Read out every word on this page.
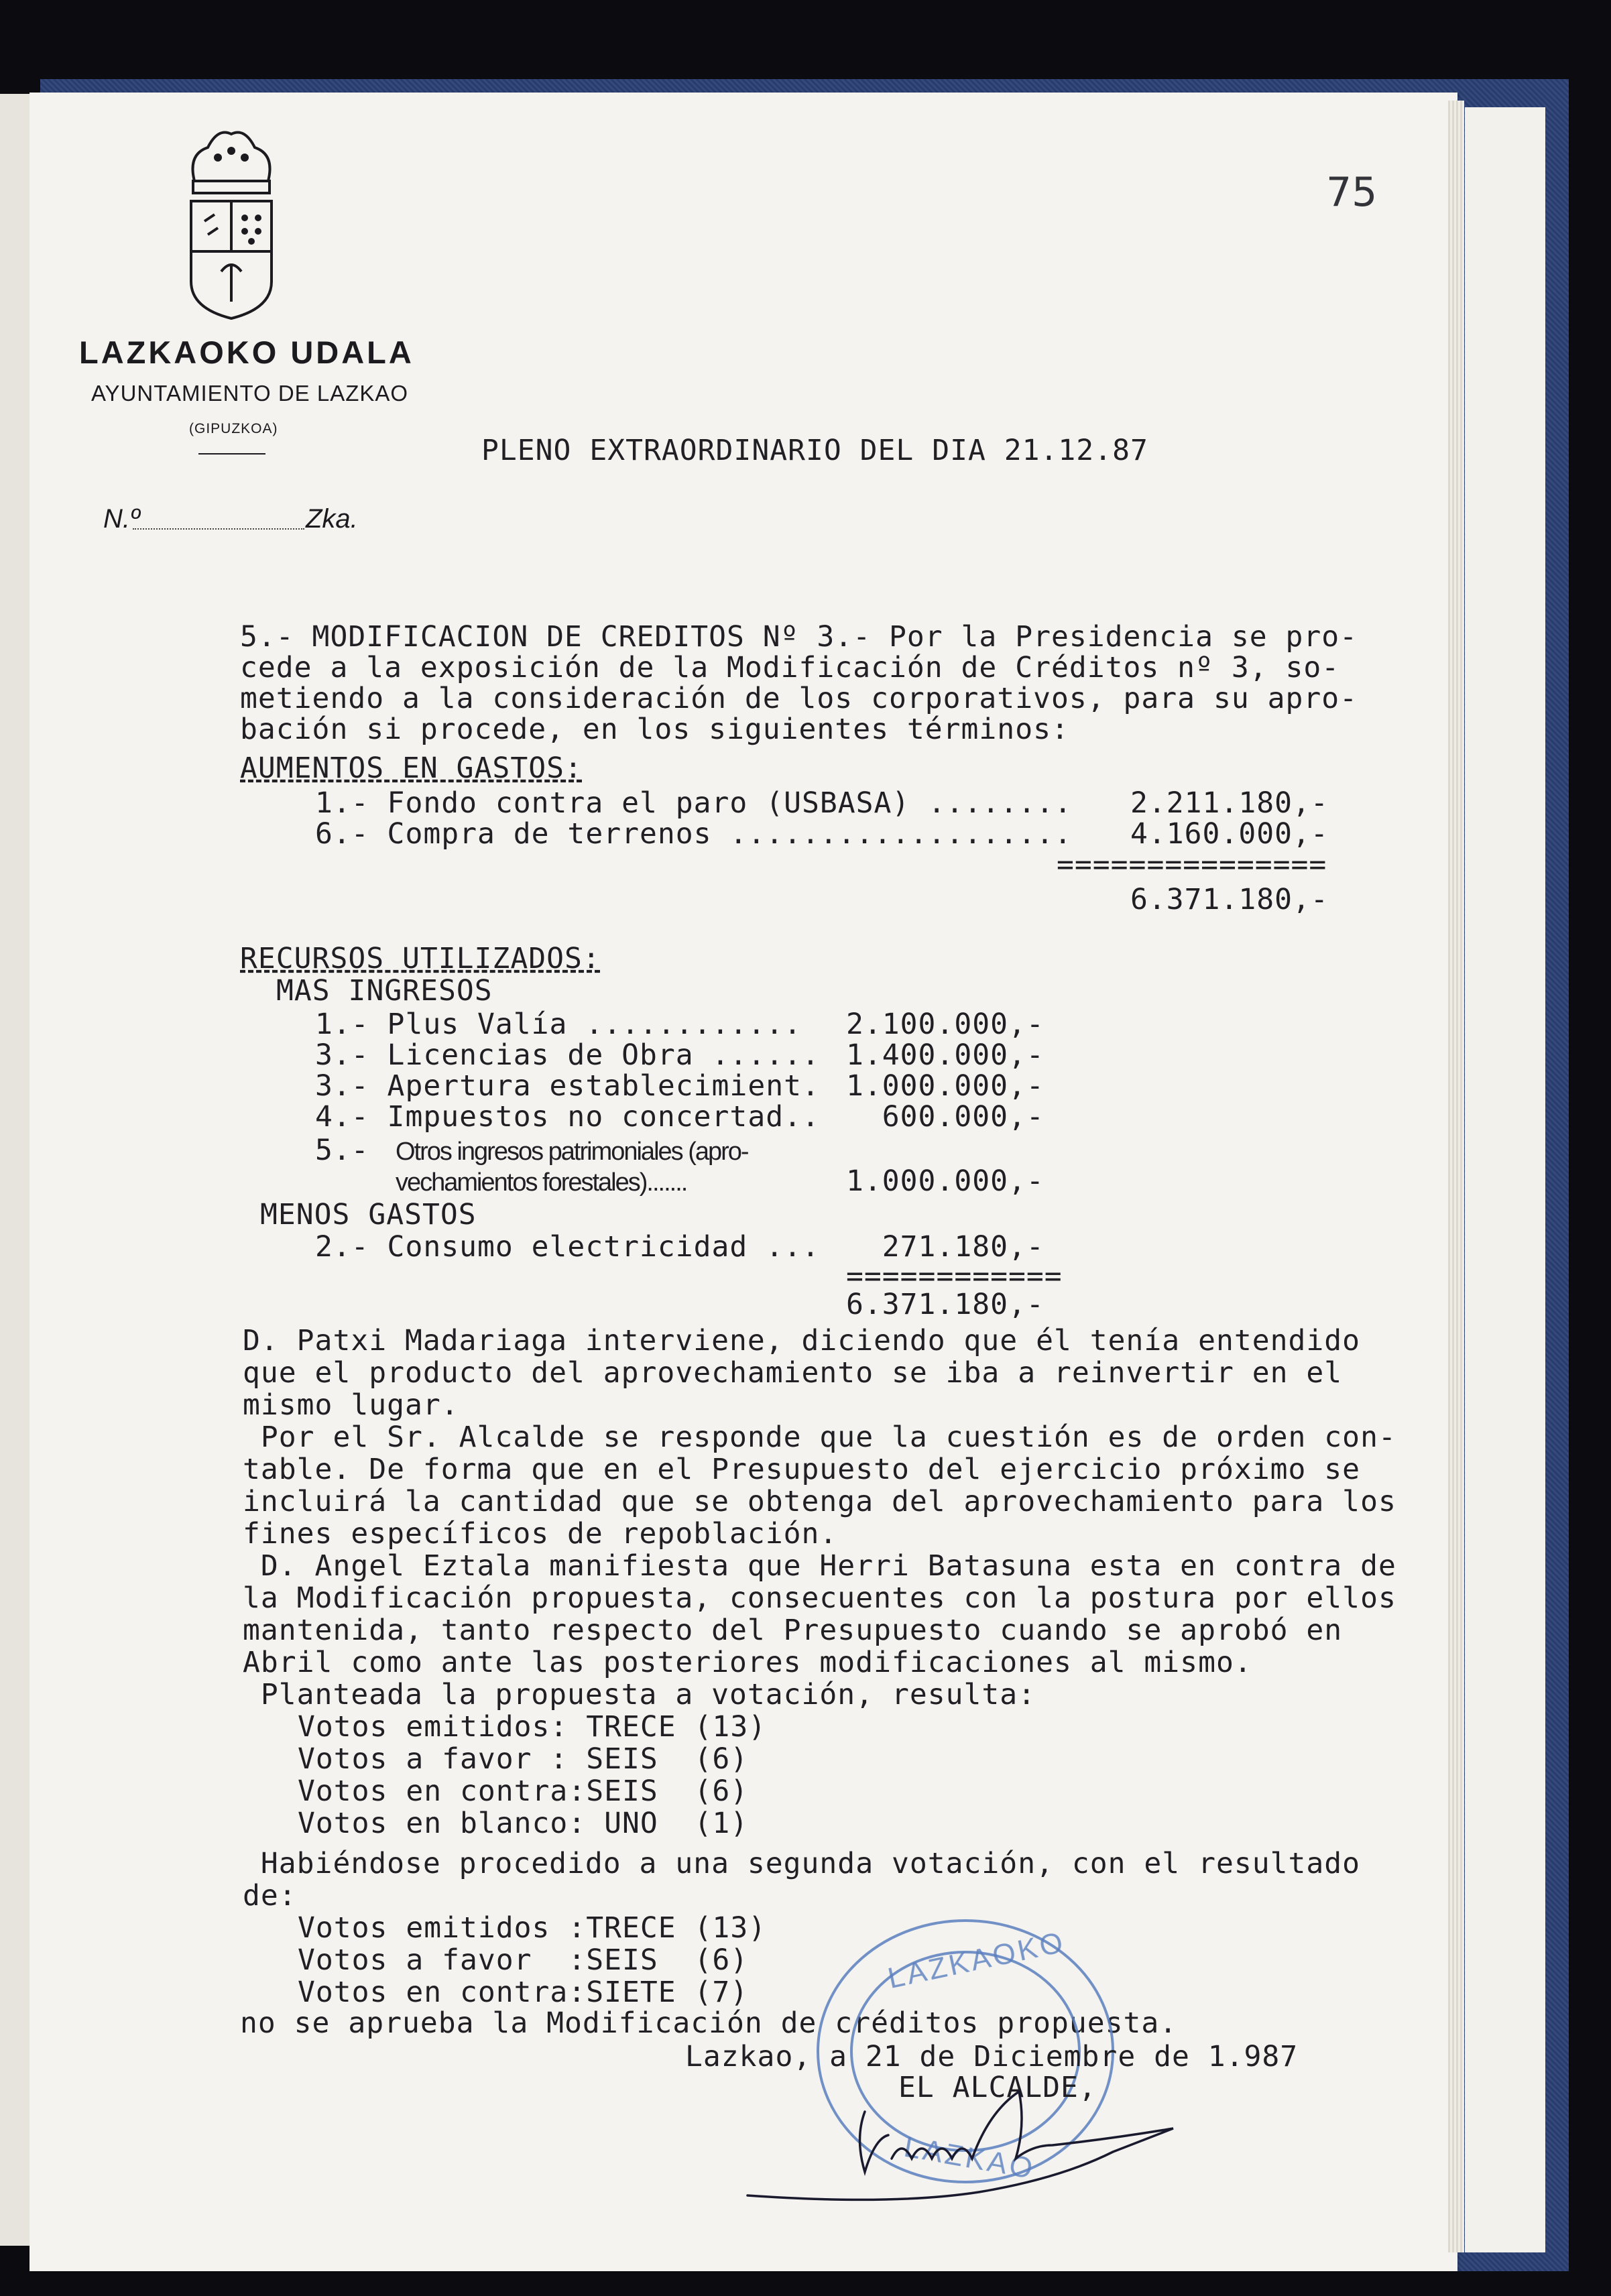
LAZKAOKO UDALA
AYUNTAMIENTO DE LAZKAO
(GIPUZKOA)
75
N.º	Zka.
PLENO EXTRAORDINARIO DEL DIA 21.12.87
5.- MODIFICACION DE CREDITOS Nº 3.- Por la Presidencia se pro-
cede a la exposición de la Modificación de Créditos nº 3, so-
metiendo a la consideración de los corporativos, para su apro-
bación si procede, en los siguientes términos:
AUMENTOS EN GASTOS:
1.- Fondo contra el paro (USBASA) ........ 2.211.180,-
6.- Compra de terrenos ................... 4.160.000,-
===============
6.371.180,-
RECURSOS UTILIZADOS:
MAS INGRESOS
1.- Plus Valía ............ 2.100.000,-
3.- Licencias de Obra ...... 1.400.000,-
3.- Apertura establecimient. 1.000.000,-
4.- Impuestos no concertad.. 600.000,-
5.- Otros ingresos patrimoniales (apro-
vechamientos forestales).......	1.000.000,-
MENOS GASTOS
2.- Consumo electricidad ... 271.180,-
============
6.371.180,-
D. Patxi Madariaga interviene, diciendo que él tenía entendido
que el producto del aprovechamiento se iba a reinvertir en el
mismo lugar.
Por el Sr. Alcalde se responde que la cuestión es de orden con-
table. De forma que en el Presupuesto del ejercicio próximo se
incluirá la cantidad que se obtenga del aprovechamiento para los
fines específicos de repoblación.
D. Angel Eztala manifiesta que Herri Batasuna esta en contra de
la Modificación propuesta, consecuentes con la postura por ellos
mantenida, tanto respecto del Presupuesto cuando se aprobó en
Abril como ante las posteriores modificaciones al mismo.
Planteada la propuesta a votación, resulta:
Votos emitidos: TRECE (13)
Votos a favor : SEIS  (6)
Votos en contra:SEIS  (6)
Votos en blanco: UNO  (1)
Habiéndose procedido a una segunda votación, con el resultado
de:
Votos emitidos :TRECE (13)
Votos a favor  :SEIS  (6)
Votos en contra:SIETE (7)
no se aprueba la Modificación de créditos propuesta.
LAZKAOKO
LAZKAO
Lazkao, a 21 de Diciembre de 1.987
EL ALCALDE,
